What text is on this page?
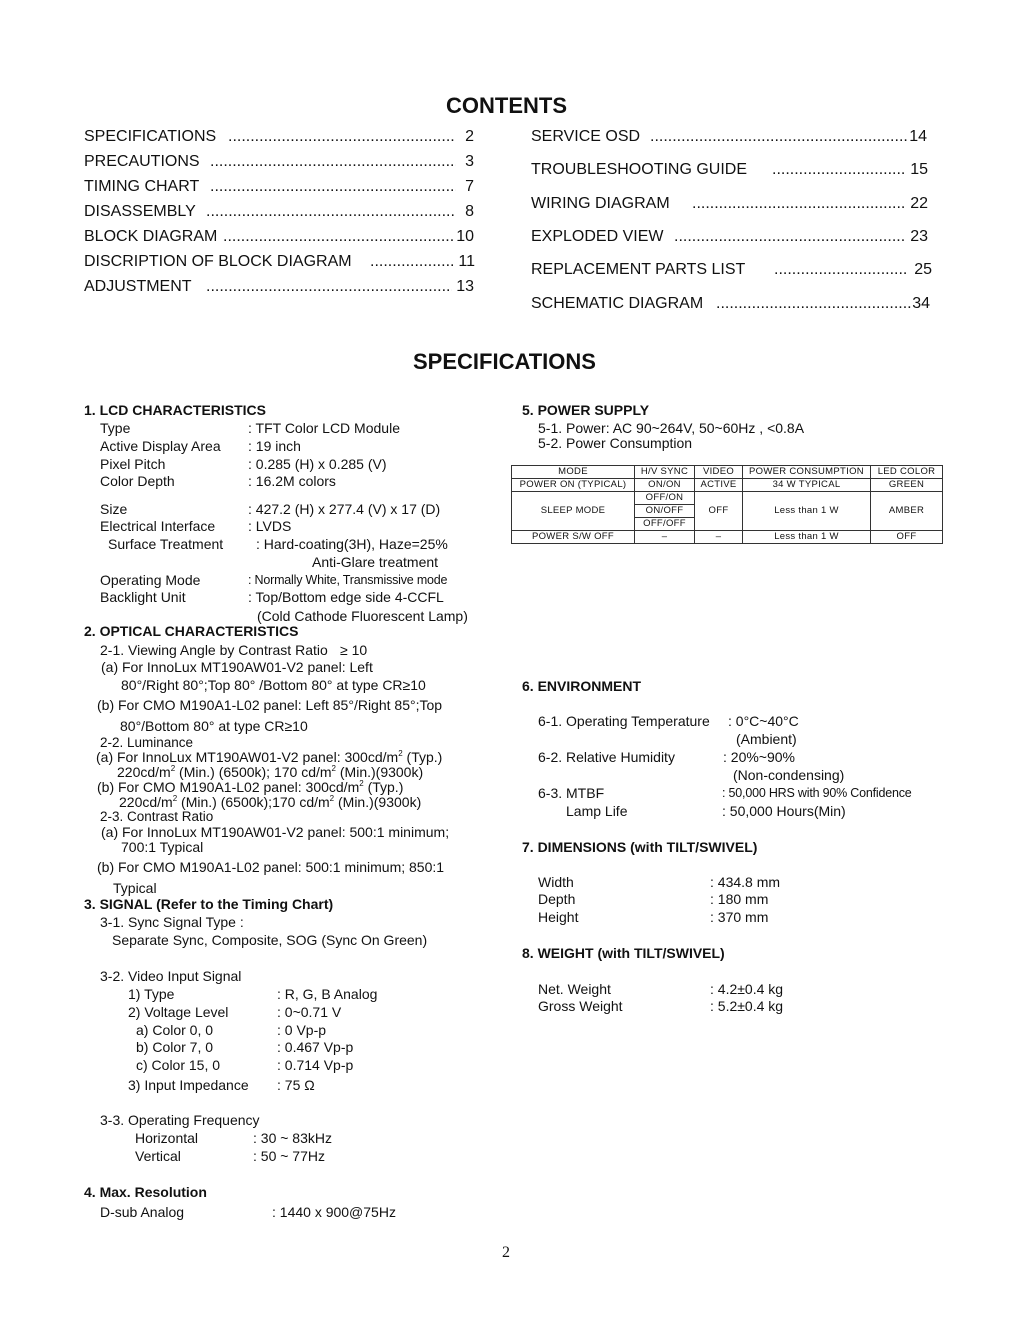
CONTENTS
SPECIFICATIONS .....	2
PRECAUTIONS .....	3
TIMING CHART .....	7
DISASSEMBLY .....	8
BLOCK DIAGRAM .....	10
DISCRIPTION OF BLOCK DIAGRAM .....	11
ADJUSTMENT .....	13
SERVICE OSD .....	14
TROUBLESHOOTING GUIDE .....	15
WIRING DIAGRAM .....	22
EXPLODED VIEW .....	23
REPLACEMENT PARTS LIST .....	25
SCHEMATIC DIAGRAM .....	34
SPECIFICATIONS
1. LCD CHARACTERISTICS
Type	: TFT Color LCD Module
Active Display Area : 19 inch
Pixel Pitch	: 0.285 (H) x 0.285 (V)
Color Depth	: 16.2M colors
Size	: 427.2 (H) x 277.4 (V) x 17 (D)
Electrical Interface : LVDS
Surface Treatment : Hard-coating(3H), Haze=25%
Anti-Glare treatment
Operating Mode	: Normally White, Transmissive mode
Backlight Unit	: Top/Bottom edge side 4-CCFL
(Cold Cathode Fluorescent Lamp)
2. OPTICAL CHARACTERISTICS
2-1. Viewing Angle by Contrast Ratio ≥ 10
(a) For InnoLux MT190AW01-V2 panel: Left
80°/Right 80°;Top 80° /Bottom 80° at type CR≥10
(b) For CMO M190A1-L02 panel: Left 85°/Right 85°;Top
80°/Bottom 80° at type CR≥10
2-2. Luminance
(a) For InnoLux MT190AW01-V2 panel: $300cd/m^2$ (Typ.)
$220cd/m^2$ (Min.) (6500k); 170 $cd/m^2$ (Min.)(9300k)
(b) For CMO M190A1-L02 panel: $300cd/m^2$ (Typ.)
$220cd/m^2$ (Min.) (6500k);170 $cd/m^2$ (Min.)(9300k)
2-3. Contrast Ratio
(a) For InnoLux MT190AW01-V2 panel: 500:1 minimum;
700:1 Typical
(b) For CMO M190A1-L02 panel: 500:1 minimum; 850:1
Typical
3. SIGNAL (Refer to the Timing Chart)
3-1. Sync Signal Type :
Separate Sync, Composite, SOG (Sync On Green)
3-2. Video Input Signal
1) Type	: R, G, B Analog
2) Voltage Level	: 0~0.71 V
a) Color 0, 0	: 0 Vp-p
b) Color 7, 0	: 0.467 Vp-p
c) Color 15, 0	: 0.714 Vp-p
3) Input Impedance : 75 Ω
3-3. Operating Frequency
Horizontal	: 30 ~ 83kHz
Vertical	: 50 ~ 77Hz
4. Max. Resolution
D-sub Analog	: 1440 x 900@75Hz
5. POWER SUPPLY
5-1. Power: AC 90~264V, 50~60Hz , <0.8A
5-2. Power Consumption
MODE	H/V SYNC	VIDEO	POWER CONSUMPTION	LED COLOR
POWER ON (TYPICAL)	ON/ON	ACTIVE	34 W TYPICAL	GREEN
SLEEP MODE	OFF/ON	OFF	Less than 1 W	AMBER
	ON/OFF			
	OFF/OFF			
POWER S/W OFF	–	–	Less than 1 W	OFF
6. ENVIRONMENT
6-1. Operating Temperature : 0°C~40°C
(Ambient)
6-2. Relative Humidity	: 20%~90%
(Non-condensing)
6-3. MTBF	: 50,000 HRS with 90% Confidence
Lamp Life	: 50,000 Hours(Min)
7. DIMENSIONS (with TILT/SWIVEL)
Width	: 434.8 mm
Depth	: 180 mm
Height	: 370 mm
8. WEIGHT (with TILT/SWIVEL)
Net. Weight	: 4.2±0.4 kg
Gross Weight	: 5.2±0.4 kg
2
